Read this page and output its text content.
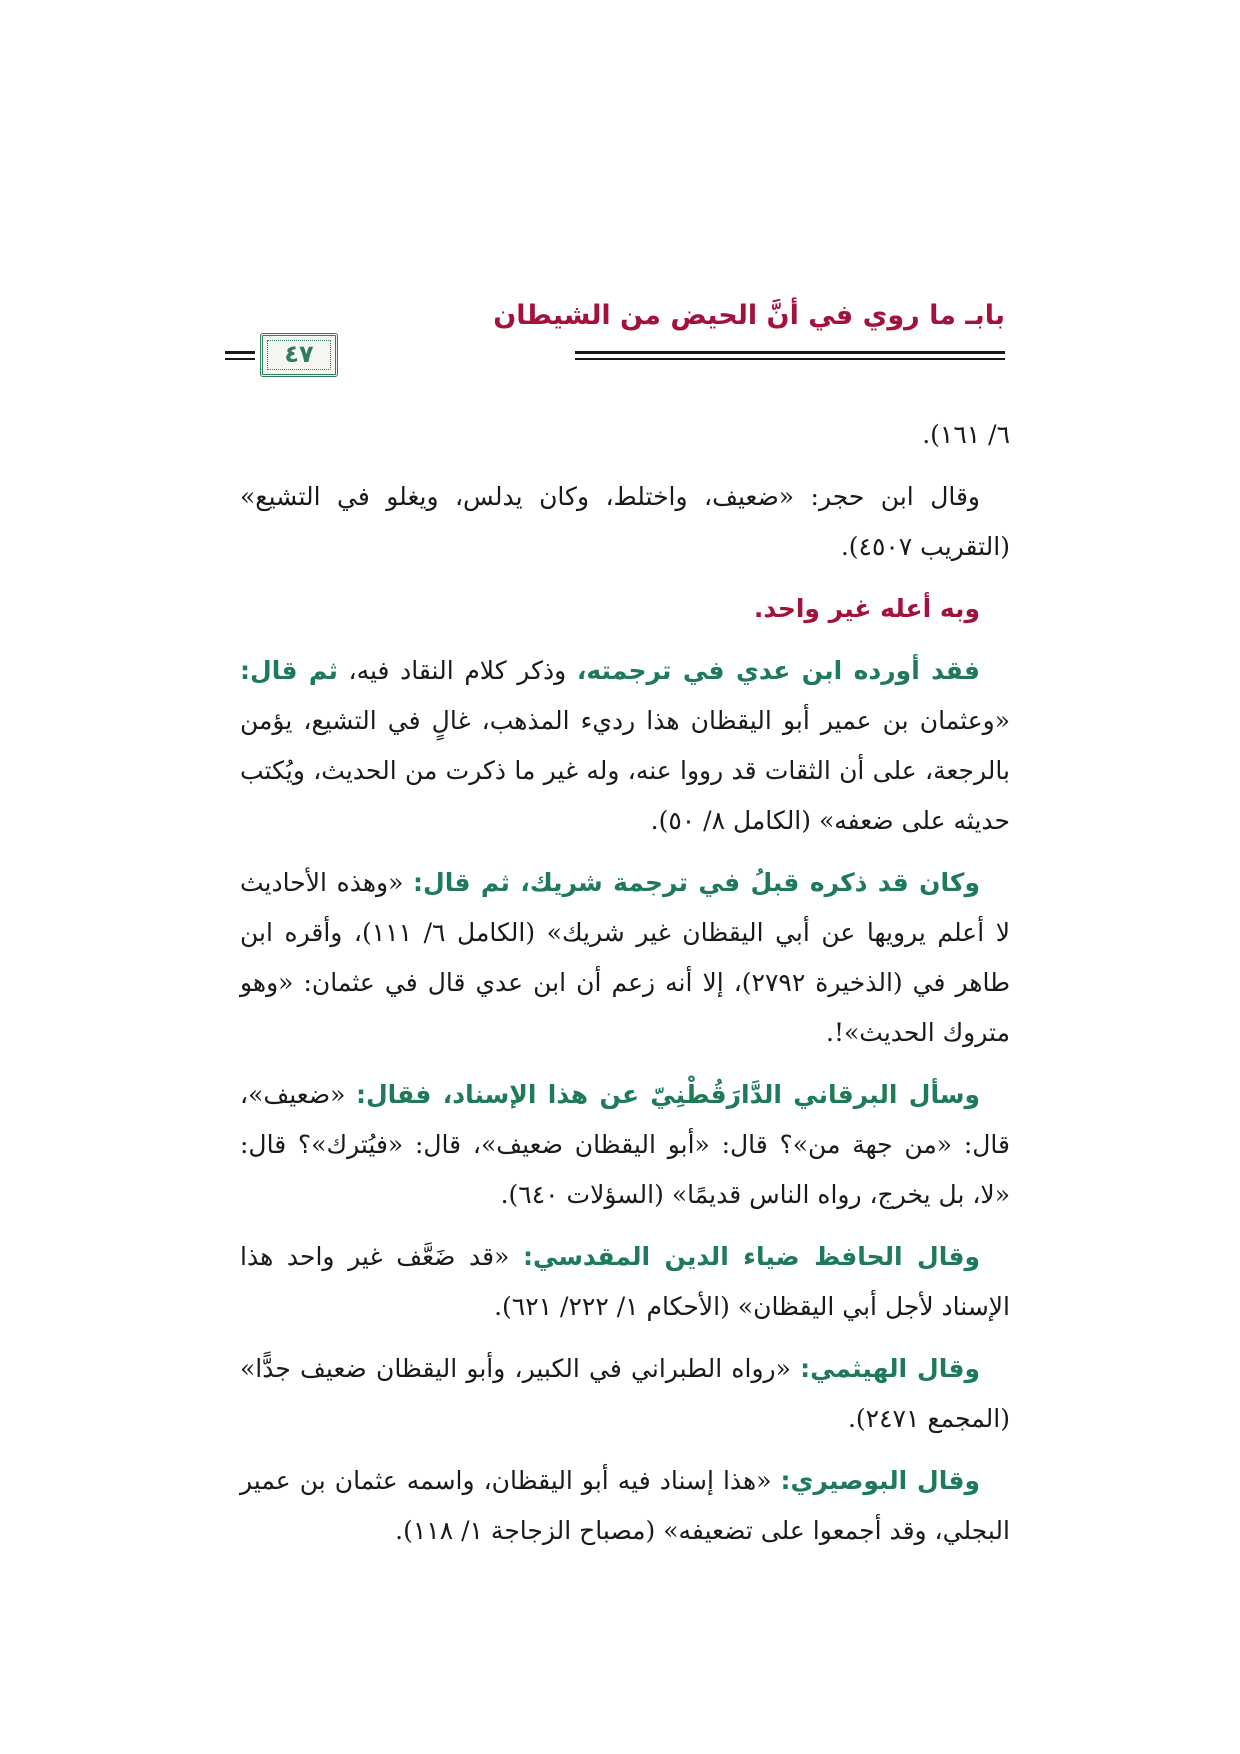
بابـ ما روي في أنَّ الحيض من الشيطان
٤٧

٦/ ١٦١).

وقال ابن حجر: «ضعيف، واختلط، وكان يدلس، ويغلو في التشيع» (التقريب ٤٥٠٧).

وبه أعله غير واحد.

فقد أورده ابن عدي في ترجمته، وذكر كلام النقاد فيه، ثم قال: «وعثمان بن عمير أبو اليقظان هذا رديء المذهب، غالٍ في التشيع، يؤمن بالرجعة، على أن الثقات قد رووا عنه، وله غير ما ذكرت من الحديث، ويُكتب حديثه على ضعفه» (الكامل ٨/ ٥٠).

وكان قد ذكره قبلُ في ترجمة شريك، ثم قال: «وهذه الأحاديث لا أعلم يرويها عن أبي اليقظان غير شريك» (الكامل ٦/ ١١١)، وأقره ابن طاهر في (الذخيرة ٢٧٩٢)، إلا أنه زعم أن ابن عدي قال في عثمان: «وهو متروك الحديث»!.

وسأل البرقاني الدَّارَقُطْنِيّ عن هذا الإسناد، فقال: «ضعيف»، قال: «من جهة من»؟ قال: «أبو اليقظان ضعيف»، قال: «فيُترك»؟ قال: «لا، بل يخرج، رواه الناس قديمًا» (السؤلات ٦٤٠).

وقال الحافظ ضياء الدين المقدسي: «قد ضَعَّف غير واحد هذا الإسناد لأجل أبي اليقظان» (الأحكام ١/ ٢٢٢/ ٦٢١).

وقال الهيثمي: «رواه الطبراني في الكبير، وأبو اليقظان ضعيف جدًّا» (المجمع ٢٤٧١).

وقال البوصيري: «هذا إسناد فيه أبو اليقظان، واسمه عثمان بن عمير البجلي، وقد أجمعوا على تضعيفه» (مصباح الزجاجة ١/ ١١٨).
